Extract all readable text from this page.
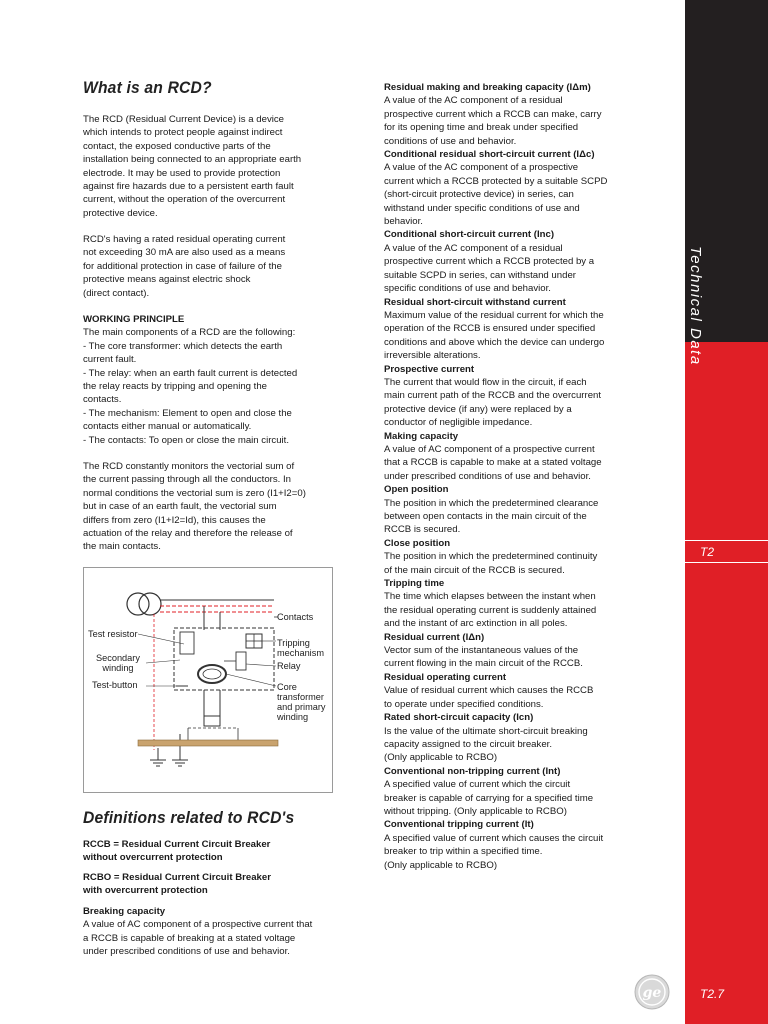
T2
T2.7
Technical Data
What is an RCD?
The RCD (Residual Current Device) is a device
which intends to protect people against indirect
contact, the exposed conductive parts of the
installation being connected to an appropriate earth
electrode. It may be used to provide protection
against fire hazards due to a persistent earth fault
current, without the operation of the overcurrent
protective device.
RCD's having a rated residual operating current
not exceeding 30 mA are also used as a means
for additional protection in case of failure of the
protective means against electric shock
(direct contact).
WORKING PRINCIPLE
The main components of a RCD are the following:
- The core transformer: which detects the earth
current fault.
- The relay: when an earth fault current is detected
the relay reacts by tripping and opening the
contacts.
- The mechanism: Element to open and close the
contacts either manual or automatically.
- The contacts: To open or close the main circuit.
The RCD constantly monitors the vectorial sum of
the current passing through all the conductors. In
normal conditions the vectorial sum is zero (I1+I2=0)
but in case of an earth fault, the vectorial sum
differs from zero (I1+I2=Id), this causes the
actuation of the relay and therefore the release of
the main contacts.
Contacts
Test resistor
Tripping
mechanism
Secondary
winding	Relay
Test-button	Core
transformer
and primary
winding
Definitions related to RCD's
RCCB = Residual Current Circuit Breaker
without overcurrent protection
RCBO = Residual Current Circuit Breaker
with overcurrent protection
Breaking capacity
A value of AC component of a prospective current that
a RCCB is capable of breaking at a stated voltage
under prescribed conditions of use and behavior.
Residual making and breaking capacity (IΔm)
A value of the AC component of a residual
prospective current which a RCCB can make, carry
for its opening time and break under specified
conditions of use and behavior.
Conditional residual short-circuit current (IΔc)
A value of the AC component of a prospective
current which a RCCB protected by a suitable SCPD
(short-circuit protective device) in series, can
withstand under specific conditions of use and
behavior.
Conditional short-circuit current (Inc)
A value of the AC component of a residual
prospective current which a RCCB protected by a
suitable SCPD in series, can withstand under
specific conditions of use and behavior.
Residual short-circuit withstand current
Maximum value of the residual current for which the
operation of the RCCB is ensured under specified
conditions and above which the device can undergo
irreversible alterations.
Prospective current
The current that would flow in the circuit, if each
main current path of the RCCB and the overcurrent
protective device (if any) were replaced by a
conductor of negligible impedance.
Making capacity
A value of AC component of a prospective current
that a RCCB is capable to make at a stated voltage
under prescribed conditions of use and behavior.
Open position
The position in which the predetermined clearance
between open contacts in the main circuit of the
RCCB is secured.
Close position
The position in which the predetermined continuity
of the main circuit of the RCCB is secured.
Tripping time
The time which elapses between the instant when
the residual operating current is suddenly attained
and the instant of arc extinction in all poles.
Residual current (IΔn)
Vector sum of the instantaneous values of the
current flowing in the main circuit of the RCCB.
Residual operating current
Value of residual current which causes the RCCB
to operate under specified conditions.
Rated short-circuit capacity (Icn)
Is the value of the ultimate short-circuit breaking
capacity assigned to the circuit breaker.
(Only applicable to RCBO)
Conventional non-tripping current (Int)
A specified value of current which the circuit
breaker is capable of carrying for a specified time
without tripping. (Only applicable to RCBO)
Conventional tripping current (It)
A specified value of current which causes the circuit
breaker to trip within a specified time.
(Only applicable to RCBO)
ge
